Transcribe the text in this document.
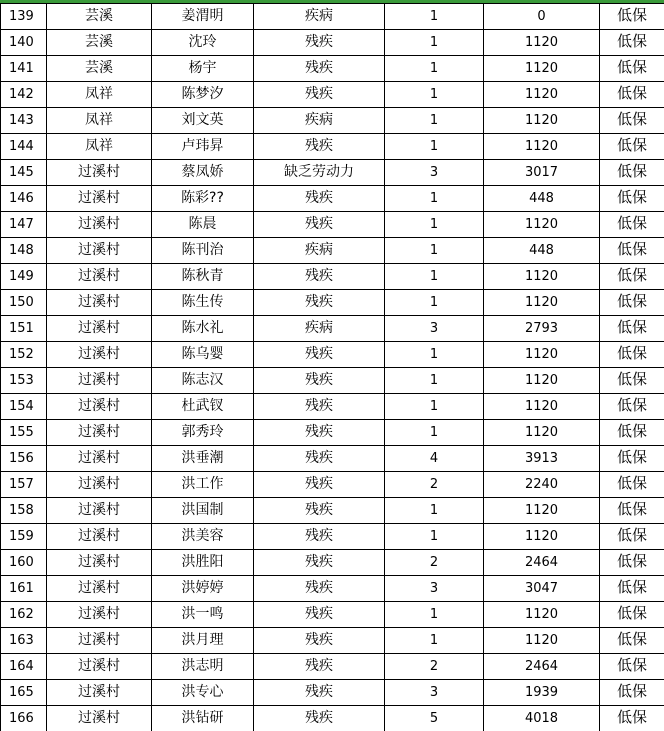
139	芸溪	姜渭明	疾病	1	0	低保
140	芸溪	沈玲	残疾	1	1120	低保
141	芸溪	杨宇	残疾	1	1120	低保
142	凤祥	陈梦汐	残疾	1	1120	低保
143	凤祥	刘文英	疾病	1	1120	低保
144	凤祥	卢玮昇	残疾	1	1120	低保
145	过溪村	蔡凤娇	缺乏劳动力	3	3017	低保
146	过溪村	陈彩??	残疾	1	448	低保
147	过溪村	陈晨	残疾	1	1120	低保
148	过溪村	陈刊治	疾病	1	448	低保
149	过溪村	陈秋青	残疾	1	1120	低保
150	过溪村	陈生传	残疾	1	1120	低保
151	过溪村	陈水礼	疾病	3	2793	低保
152	过溪村	陈乌婴	残疾	1	1120	低保
153	过溪村	陈志汉	残疾	1	1120	低保
154	过溪村	杜武钗	残疾	1	1120	低保
155	过溪村	郭秀玲	残疾	1	1120	低保
156	过溪村	洪垂潮	残疾	4	3913	低保
157	过溪村	洪工作	残疾	2	2240	低保
158	过溪村	洪国制	残疾	1	1120	低保
159	过溪村	洪美容	残疾	1	1120	低保
160	过溪村	洪胜阳	残疾	2	2464	低保
161	过溪村	洪婷婷	残疾	3	3047	低保
162	过溪村	洪一鸣	残疾	1	1120	低保
163	过溪村	洪月理	残疾	1	1120	低保
164	过溪村	洪志明	残疾	2	2464	低保
165	过溪村	洪专心	残疾	3	1939	低保
166	过溪村	洪钻研	残疾	5	4018	低保
